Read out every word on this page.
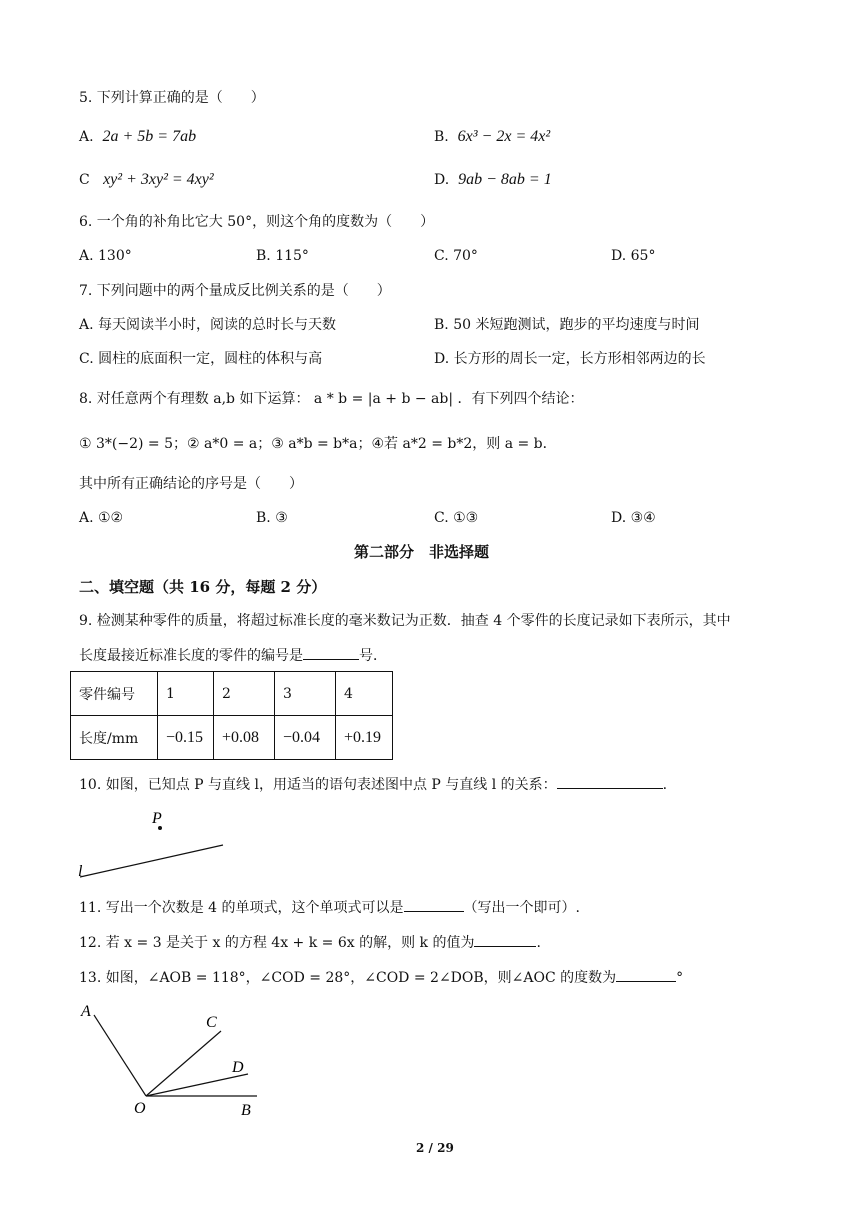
5. 下列计算正确的是（　　）
A. 2a + 5b = 7ab	B. 6x³ − 2x = 4x²
C xy² + 3xy² = 4xy²	D. 9ab − 8ab = 1
6. 一个角的补角比它大 50°，则这个角的度数为（　　）
A. 130°	B. 115°	C. 70°	D. 65°
7. 下列问题中的两个量成反比例关系的是（　　）
A. 每天阅读半小时，阅读的总时长与天数	B. 50 米短跑测试，跑步的平均速度与时间
C. 圆柱的底面积一定，圆柱的体积与高	D. 长方形的周长一定，长方形相邻两边的长
8. 对任意两个有理数 a,b 如下运算： a * b = |a + b − ab| ．有下列四个结论：
① 3*(−2) = 5；② a*0 = a；③ a*b = b*a；④若 a*2 = b*2，则 a = b．
其中所有正确结论的序号是（　　）
A. ①②	B. ③	C. ①③	D. ③④
第二部分　非选择题
二、填空题（共 16 分，每题 2 分）
9. 检测某种零件的质量，将超过标准长度的毫米数记为正数．抽查 4 个零件的长度记录如下表所示，其中
长度最接近标准长度的零件的编号是	号．
零件编号	1	2	3	4
长度/mm	−0.15	+0.08	−0.04	+0.19
10. 如图，已知点 P 与直线 l，用适当的语句表述图中点 P 与直线 l 的关系：	.
P
l
11. 写出一个次数是 4 的单项式，这个单项式可以是	（写出一个即可）.
12. 若 x = 3 是关于 x 的方程 4x + k = 6x 的解，则 k 的值为	.
13. 如图，∠AOB = 118°，∠COD = 28°，∠COD = 2∠DOB，则∠AOC 的度数为	°
A
C
D
O	B
2 / 29
